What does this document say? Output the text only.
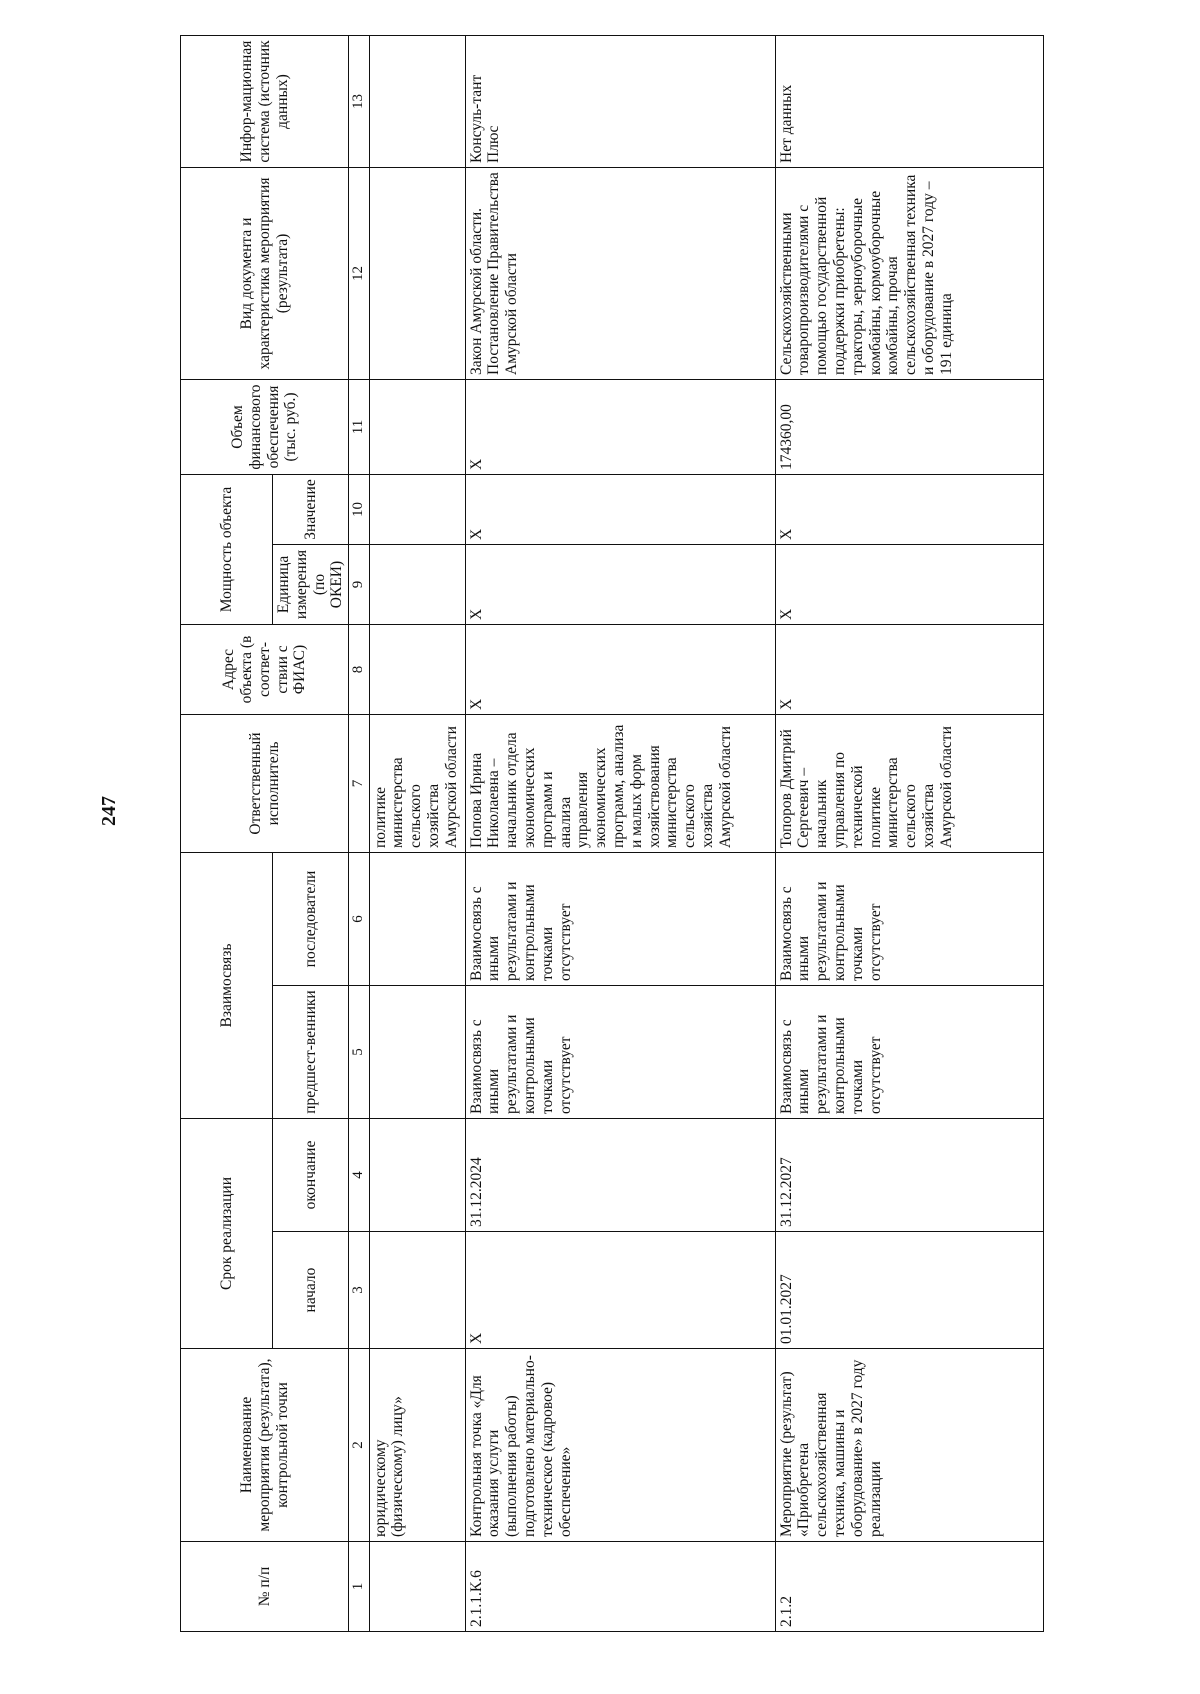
247
№ п/п	Наименование мероприятия (результата), контрольной точки	Срок реализации		Взаимосвязь		Ответственный исполнитель	Адрес объекта (в соответ-ствии с ФИАС)	Мощность объекта		Объем финансового обеспечения (тыс. руб.)	Вид документа и характеристика мероприятия (результата)	Инфор-мационная система (источник данных)
		начало	окончание	предшест-венники	последователи			Единица измерения (по ОКЕИ)	Значение			
1	2	3	4	5	6	7	8	9	10	11	12	13
	юридическому (физическому) лицу»					политике министерства сельского хозяйства Амурской области						
2.1.1.К.6	Контрольная точка «Для оказания услуги (выполнения работы) подготовлено материально-техническое (кадровое) обеспечение»	X	31.12.2024	Взаимосвязь с иными результатами и контрольными точками отсутствует	Взаимосвязь с иными результатами и контрольными точками отсутствует	Попова Ирина Николаевна – начальник отдела экономических программ и анализа управления экономических программ, анализа и малых форм хозяйствования министерства сельского хозяйства Амурской области	X	X	X	X	Закон Амурской области. Постановление Правительства Амурской области	Консуль-тант Плюс
2.1.2	Мероприятие (результат) «Приобретена сельскохозяйственная техника, машины и оборудование» в 2027 году реализации	01.01.2027	31.12.2027	Взаимосвязь с иными результатами и контрольными точками отсутствует	Взаимосвязь с иными результатами и контрольными точками отсутствует	Топоров Дмитрий Сергеевич – начальник управления по технической политике министерства сельского хозяйства Амурской области	X	X	X	174360,00	Сельскохозяйственными товаропроизводителями с помощью государственной поддержки приобретены: тракторы, зерноуборочные комбайны, кормоуборочные комбайны, прочая сельскохозяйственная техника и оборудование в 2027 году – 191 единица	Нет данных
